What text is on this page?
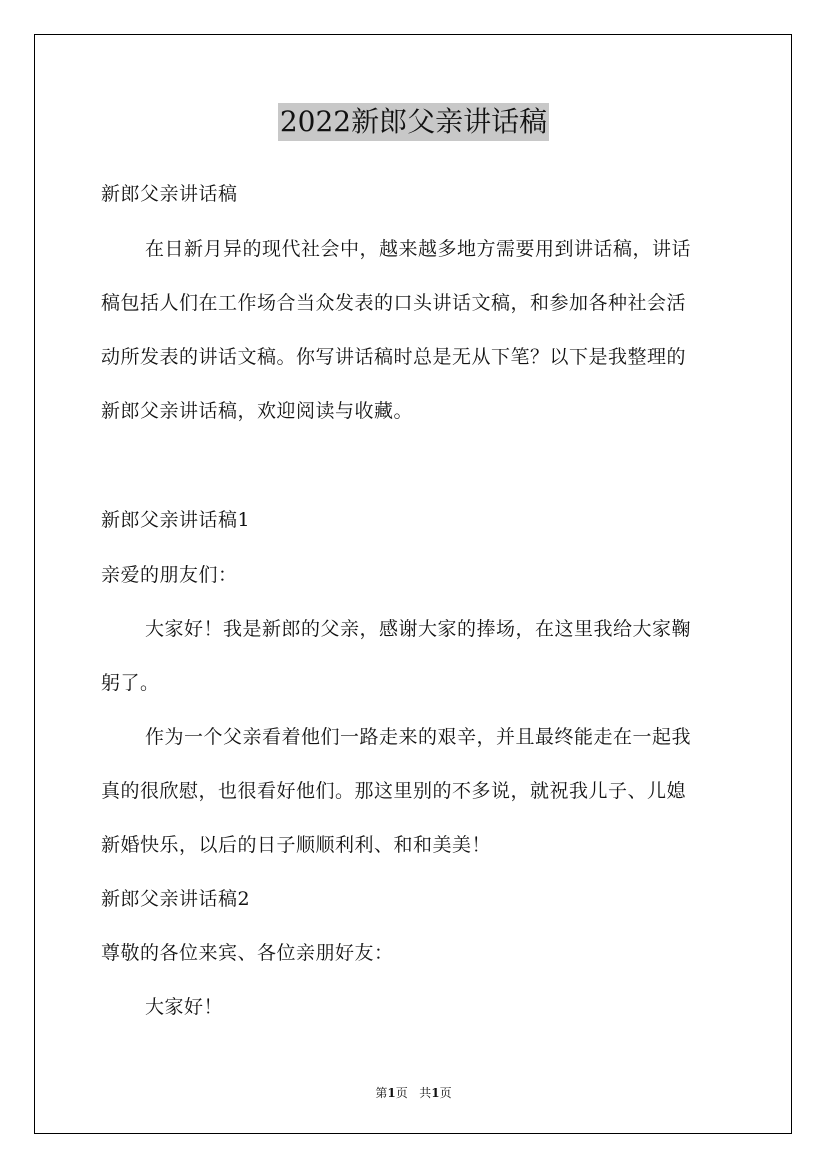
2022新郎父亲讲话稿
新郎父亲讲话稿
在日新月异的现代社会中，越来越多地方需要用到讲话稿，讲话
稿包括人们在工作场合当众发表的口头讲话文稿，和参加各种社会活
动所发表的讲话文稿。你写讲话稿时总是无从下笔？以下是我整理的
新郎父亲讲话稿，欢迎阅读与收藏。
新郎父亲讲话稿1
亲爱的朋友们：
大家好！我是新郎的父亲，感谢大家的捧场，在这里我给大家鞠
躬了。
作为一个父亲看着他们一路走来的艰辛，并且最终能走在一起我
真的很欣慰，也很看好他们。那这里别的不多说，就祝我儿子、儿媳
新婚快乐，以后的日子顺顺利利、和和美美！
新郎父亲讲话稿2
尊敬的各位来宾、各位亲朋好友：
大家好！
第1页 共1页
